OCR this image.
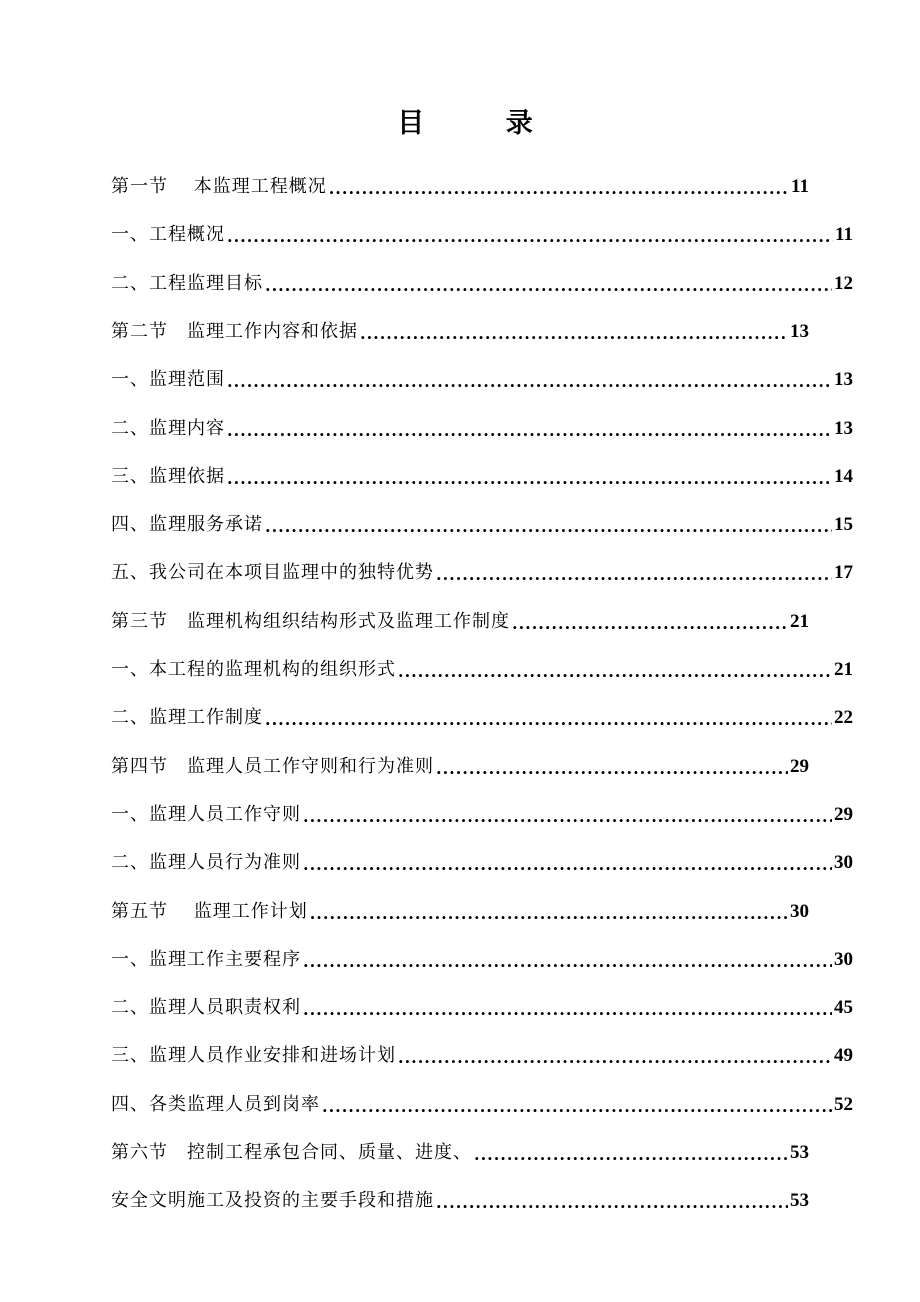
目 录
第一节 　本监理工程概况 .....	11
一、工程概况 .....	11
二、工程监理目标 .....	12
第二节　监理工作内容和依据 .....	13
一、监理范围 .....	13
二、监理内容 .....	13
三、监理依据 .....	14
四、监理服务承诺 .....	15
五、我公司在本项目监理中的独特优势 .....	17
第三节　监理机构组织结构形式及监理工作制度 .....	21
一、本工程的监理机构的组织形式 .....	21
二、监理工作制度 .....	22
第四节　监理人员工作守则和行为准则 .....	29
一、监理人员工作守则 .....	29
二、监理人员行为准则 .....	30
第五节 　监理工作计划 .....	30
一、监理工作主要程序 .....	30
二、监理人员职责权利 .....	45
三、监理人员作业安排和进场计划 .....	49
四、各类监理人员到岗率 .....	52
第六节　控制工程承包合同、质量、进度、 .....	53
安全文明施工及投资的主要手段和措施 .....	53
